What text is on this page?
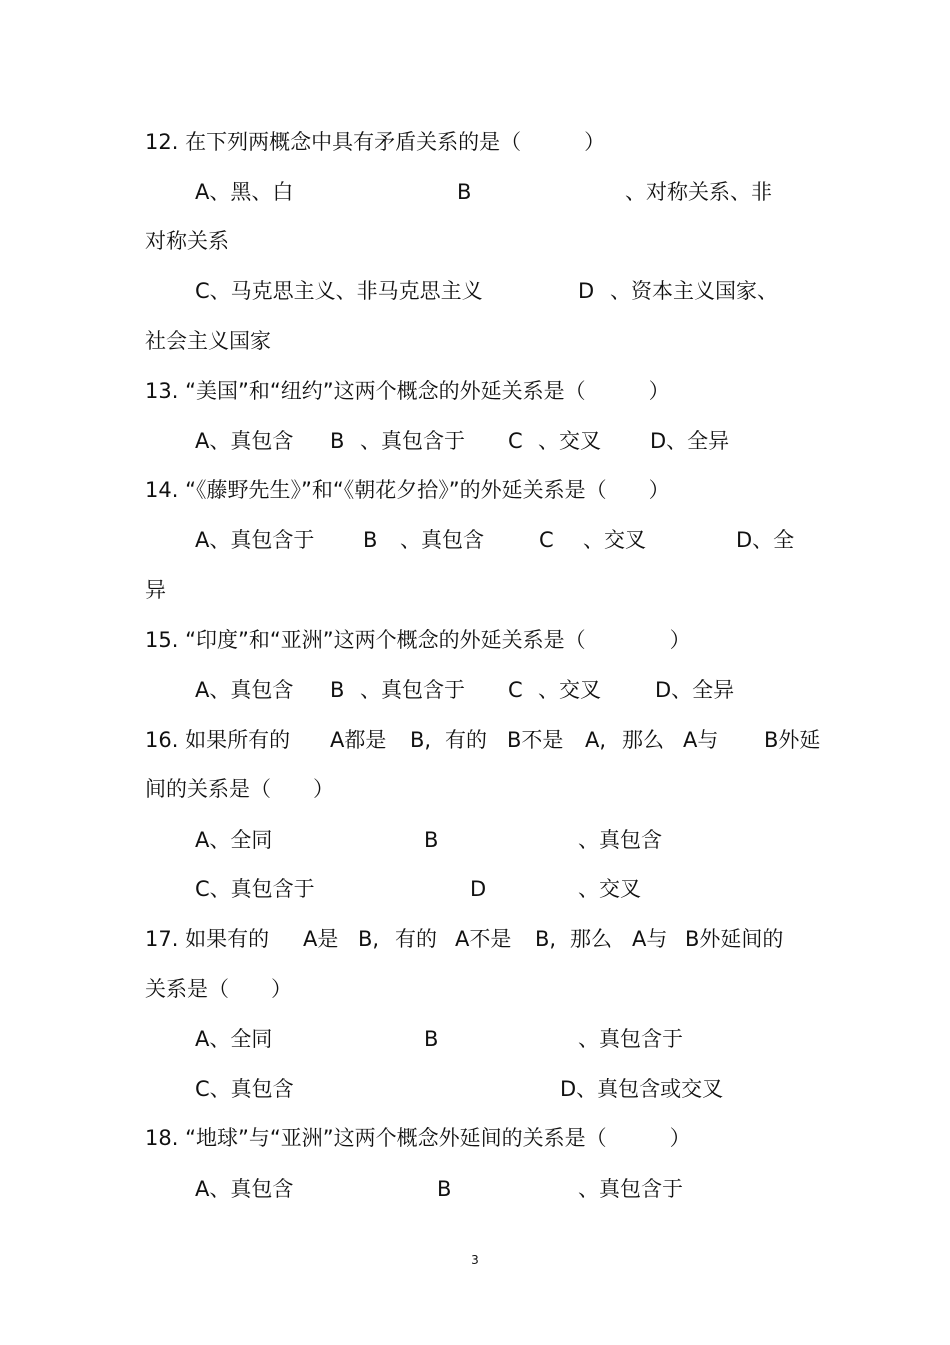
12. 在下列两概念中具有矛盾关系的是（　　　）
A、黑、白	B	、对称关系、非
对称关系
C、马克思主义、非马克思主义	D 、资本主义国家、
社会主义国家
13. “美国”和“纽约”这两个概念的外延关系是（　　　）
A、真包含 B 、真包含于 C 、交叉 D、全异
14. “《藤野先生》”和“《朝花夕拾》”的外延关系是（　　）
A、真包含于 B 、真包含	C 、交叉	D、全
异
15. “印度”和“亚洲”这两个概念的外延关系是（　　　　）
A、真包含 B 、真包含于 C 、交叉	D、全异
16. 如果所有的 A都是 B, 有的 B不是 A, 那么 A与 B外延
间的关系是（　　）
A、全同	B	、真包含
C、真包含于	D	、交叉
17. 如果有的 A是 B, 有的 A不是 B, 那么 A与 B外延间的
关系是（　　）
A、全同	B	、真包含于
C、真包含	D、真包含或交叉
18. “地球”与“亚洲”这两个概念外延间的关系是（　　　）
A、真包含	B	、真包含于
3
